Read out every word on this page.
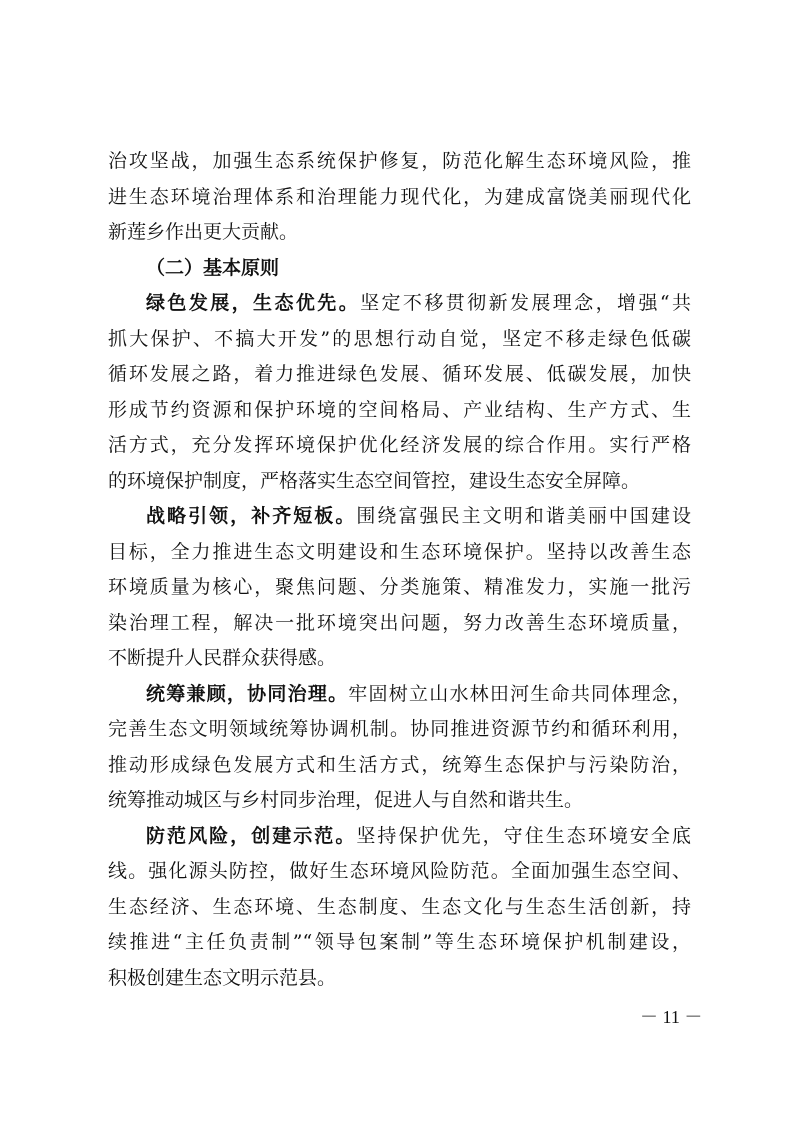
治攻坚战，加强生态系统保护修复，防范化解生态环境风险，推
进生态环境治理体系和治理能力现代化，为建成富饶美丽现代化
新莲乡作出更大贡献。
（二）基本原则
绿色发展，生态优先。坚定不移贯彻新发展理念，增强“共
抓大保护、不搞大开发”的思想行动自觉，坚定不移走绿色低碳
循环发展之路，着力推进绿色发展、循环发展、低碳发展，加快
形成节约资源和保护环境的空间格局、产业结构、生产方式、生
活方式，充分发挥环境保护优化经济发展的综合作用。实行严格
的环境保护制度，严格落实生态空间管控，建设生态安全屏障。
战略引领，补齐短板。围绕富强民主文明和谐美丽中国建设
目标，全力推进生态文明建设和生态环境保护。坚持以改善生态
环境质量为核心，聚焦问题、分类施策、精准发力，实施一批污
染治理工程，解决一批环境突出问题，努力改善生态环境质量，
不断提升人民群众获得感。
统筹兼顾，协同治理。牢固树立山水林田河生命共同体理念，
完善生态文明领域统筹协调机制。协同推进资源节约和循环利用，
推动形成绿色发展方式和生活方式，统筹生态保护与污染防治，
统筹推动城区与乡村同步治理，促进人与自然和谐共生。
防范风险，创建示范。坚持保护优先，守住生态环境安全底
线。强化源头防控，做好生态环境风险防范。全面加强生态空间、
生态经济、生态环境、生态制度、生态文化与生态生活创新，持
续推进“主任负责制”“领导包案制”等生态环境保护机制建设，
积极创建生态文明示范县。
－ 11 －
